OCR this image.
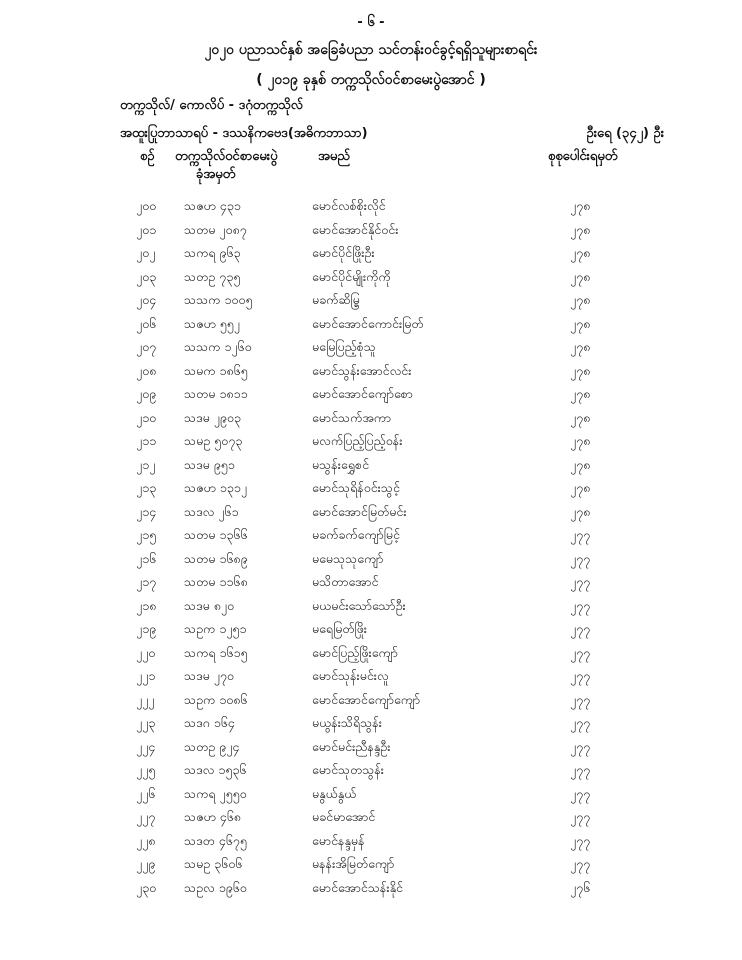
- ၆ -
၂၀၂၀ ပညာသင်နှစ် အခြေခံပညာ သင်တန်းဝင်ခွင့်ရရှိသူများစာရင်း
( ၂၀၁၉ ခုနှစ် တက္ကသိုလ်ဝင်စာမေးပွဲအောင် )
တက္ကသိုလ်/ ကောလိပ် - ဒဂုံတက္ကသိုလ်
အထူးပြုဘာသာရပ် - ဒဿနိကဗေဒ(အဓိကဘာသာ)	ဦးရေ (၃၄၂) ဦး
စဉ် တက္ကသိုလ်ဝင်စာမေးပွဲ
ခုံအမှတ်
အမည်	စုစုပေါင်းရမှတ်
၂၀၀	သဇဟ ၄၃၁	မောင်လစ်စိုးလိုင်	၂၇၈
၂၀၁	သတမ ၂၀၈၇	မောင်အောင်နိုင်ဝင်း	၂၇၈
၂၀၂	သကရ ၉၆၃	မောင်ပိုင်ဖြိုးဦး	၂၇၈
၂၀၃	သတဥ ၇၃၅	မောင်ပိုင်မျိုးကိုကို	၂၇၈
၂၀၄	သသက ၁၀၀၅	မခက်ဆိမ္မြ	၂၇၈
၂၀၆	သဇဟ ၅၅၂	မောင်အောင်ကောင်းမြတ်	၂၇၈
၂၀၇	သသက ၁၂၆၀	မမြေပြည့်စုံသူ	၂၇၈
၂၀၈	သမက ၁၈၆၅	မောင်သွန်းအောင်လင်း	၂၇၈
၂၀၉	သတမ ၁၈၁၁	မောင်အောင်ကျော်စော	၂၇၈
၂၁၀	သဒမ ၂၉၀၃	မောင်သက်အကာ	၂၇၈
၂၁၁	သမဥ ၅၀၇၃	မလက်ပြည့်ပြည့်ဝန်း	၂၇၈
၂၁၂	သဒမ ၉၅၁	မသွန်းရွှေစင်	၂၇၈
၂၁၃	သဇဟ ၁၃၁၂	မောင်သုရိန်ဝင်းသွင့်	၂၇၈
၂၁၄	သဒလ ၂၆၁	မောင်အောင်မြတ်မင်း	၂၇၈
၂၁၅	သတမ ၁၃၆၆	မခက်ခက်ကျော်မြင့်	၂၇၇
၂၁၆	သတမ ၁၆၈၉	မမေသုသုကျော်	၂၇၇
၂၁၇	သတမ ၁၁၆၈	မသိတာအောင်	၂၇၇
၂၁၈	သဒမ ၈၂၀	မယမင်းသော်သော်ဦး	၂၇၇
၂၁၉	သဥက ၁၂၅၁	မရေမြတ်ဖြိုး	၂၇၇
၂၂၀	သကရ ၁၆၁၅	မောင်ပြည့်ဖြိုးကျော်	၂၇၇
၂၂၁	သဒမ ၂၇၀	မောင်သုန်းမင်းလူ	၂၇၇
၂၂၂	သဥက ၁၀၈၆	မောင်အောင်ကျော်ကျော်	၂၇၇
၂၂၃	သဒဂ ၁၆၄	မယွန်းသိရိသွန်း	၂၇၇
၂၂၄	သတဥ ၉၂၄	မောင်မင်းညီနန္ဒဦး	၂၇၇
၂၂၅	သဒလ ၁၅၃၆	မောင်သုတသွန်း	၂၇၇
၂၂၆	သကရ ၂၅၅၀	မနွယ်နွယ်	၂၇၇
၂၂၇	သဇဟ ၄၆၈	မခင်မာအောင်	၂၇၇
၂၂၈	သဒတ ၄၆၇၅	မောင်နန္ဒမှန်	၂၇၇
၂၂၉	သမဥ ၃၆၀၆	မနန်းအိမြတ်ကျော်	၂၇၇
၂၃၀	သဥလ ၁၉၆၀	မောင်အောင်သန်းနိုင်	၂၇၆
